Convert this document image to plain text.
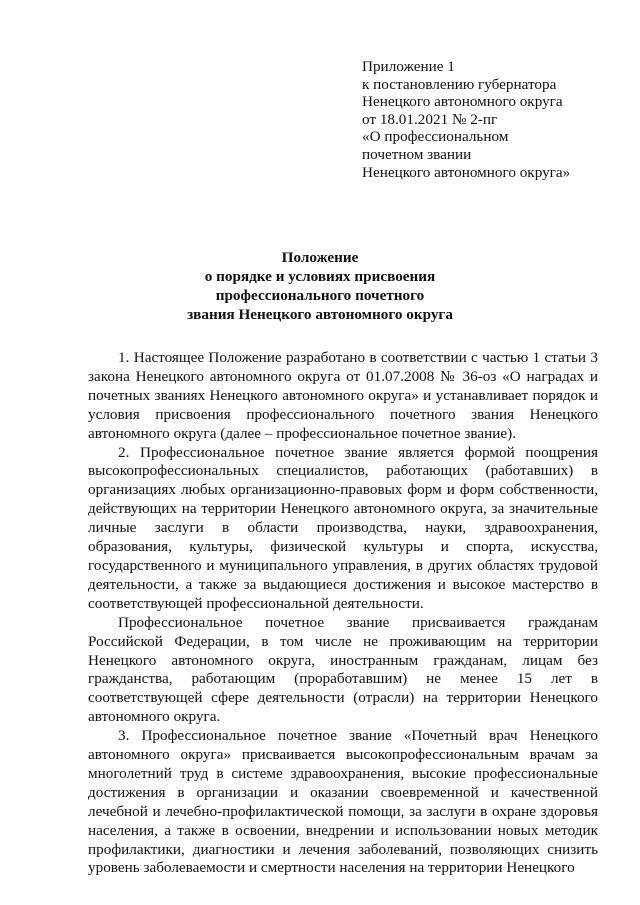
Приложение 1
к постановлению губернатора
Ненецкого автономного округа
от 18.01.2021 № 2-пг
«О профессиональном
почетном звании
Ненецкого автономного округа»
Положение
о порядке и условиях присвоения
профессионального почетного
звания Ненецкого автономного округа

1. Настоящее Положение разработано в соответствии с частью 1 статьи 3 закона Ненецкого автономного округа от 01.07.2008 № 36-оз «О наградах и почетных званиях Ненецкого автономного округа» и устанавливает порядок и условия присвоения профессионального почетного звания Ненецкого автономного округа (далее – профессиональное почетное звание).

2. Профессиональное почетное звание является формой поощрения высокопрофессиональных специалистов, работающих (работавших) в организациях любых организационно-правовых форм и форм собственности, действующих на территории Ненецкого автономного округа, за значительные личные заслуги в области производства, науки, здравоохранения, образования, культуры, физической культуры и спорта, искусства, государственного и муниципального управления, в других областях трудовой деятельности, а также за выдающиеся достижения и высокое мастерство в соответствующей профессиональной деятельности.

Профессиональное почетное звание присваивается гражданам Российской Федерации, в том числе не проживающим на территории Ненецкого автономного округа, иностранным гражданам, лицам без гражданства, работающим (проработавшим) не менее 15 лет в соответствующей сфере деятельности (отрасли) на территории Ненецкого автономного округа.

3. Профессиональное почетное звание «Почетный врач Ненецкого автономного округа» присваивается высокопрофессиональным врачам за многолетний труд в системе здравоохранения, высокие профессиональные достижения в организации и оказании своевременной и качественной лечебной и лечебно-профилактической помощи, за заслуги в охране здоровья населения, а также в освоении, внедрении и использовании новых методик профилактики, диагностики и лечения заболеваний, позволяющих снизить уровень заболеваемости и смертности населения на территории Ненецкого
